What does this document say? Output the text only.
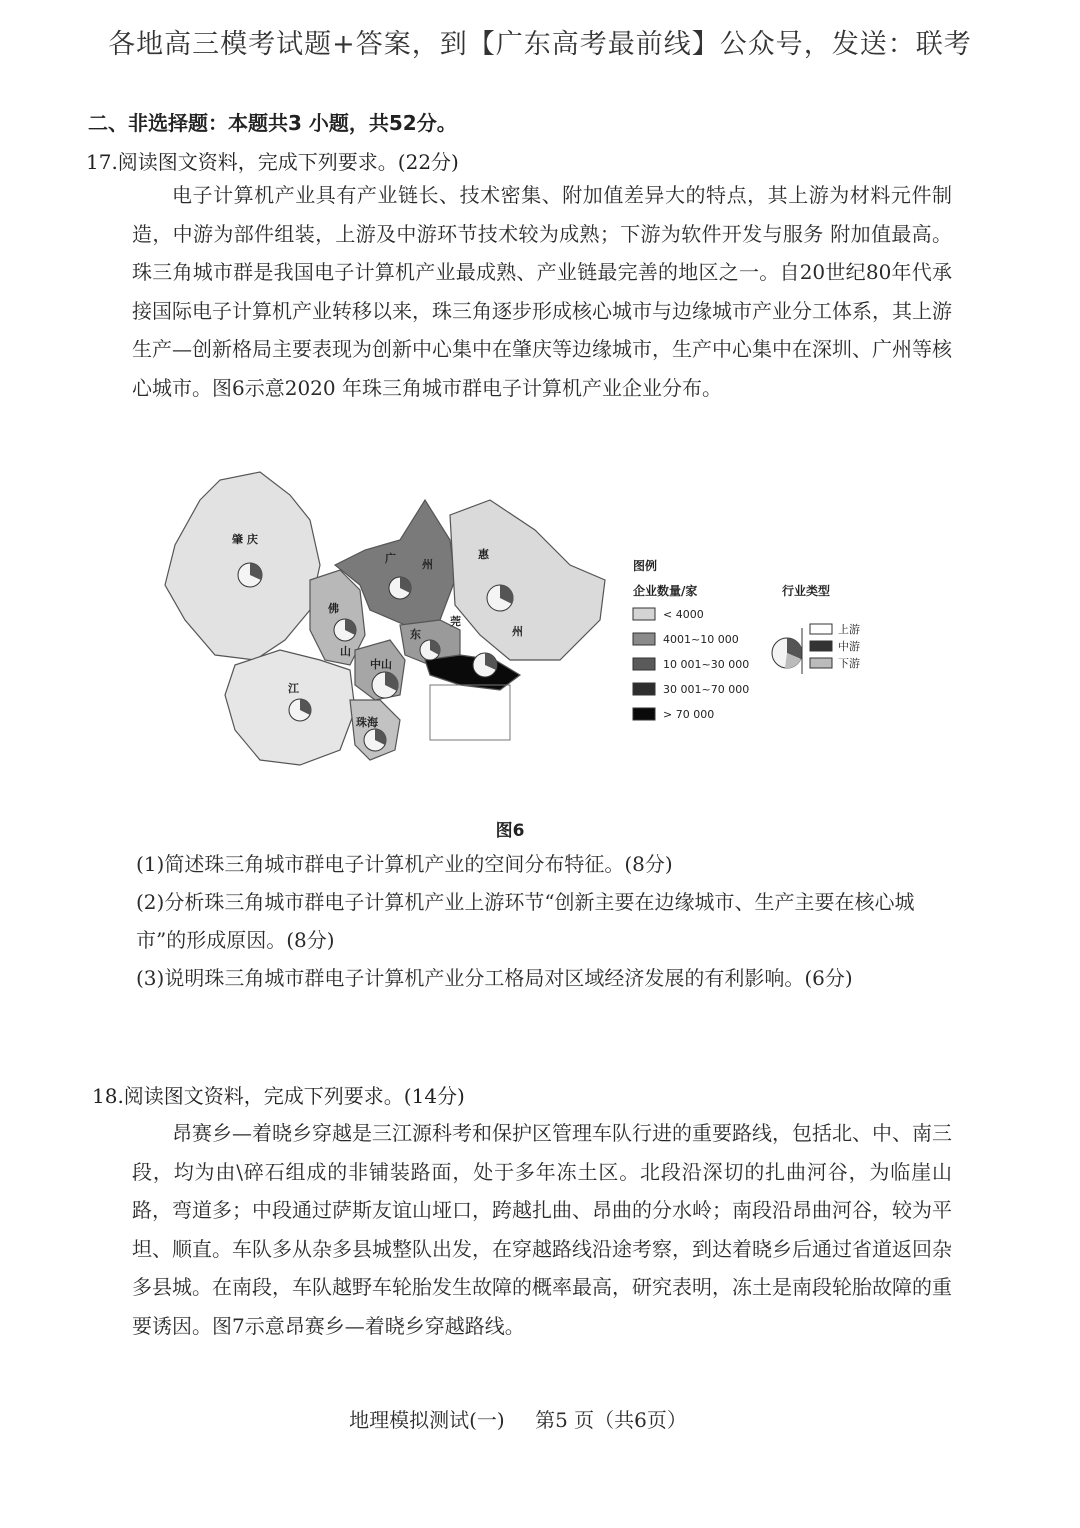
各地高三模考试题+答案，到【广东高考最前线】公众号，发送：联考
二、非选择题：本题共3 小题，共52分。
17.阅读图文资料，完成下列要求。(22分)
电子计算机产业具有产业链长、技术密集、附加值差异大的特点，其上游为材料元件制造，中游为部件组装，上游及中游环节技术较为成熟；下游为软件开发与服务 附加值最高。珠三角城市群是我国电子计算机产业最成熟、产业链最完善的地区之一。自20世纪80年代承接国际电子计算机产业转移以来，珠三角逐步形成核心城市与边缘城市产业分工体系，其上游生产—创新格局主要表现为创新中心集中在肇庆等边缘城市，生产中心集中在深圳、广州等核心城市。图6示意2020 年珠三角城市群电子计算机产业企业分布。
肇 庆
广 州
惠
州
佛
山
东
莞
中山
江
珠海
图例
企业数量/家
< 4000
4001~10 000
10 001~30 000
30 001~70 000
> 70 000
行业类型
上游
中游
下游
图6
(1)简述珠三角城市群电子计算机产业的空间分布特征。(8分)
(2)分析珠三角城市群电子计算机产业上游环节“创新主要在边缘城市、生产主要在核心城市”的形成原因。(8分)
(3)说明珠三角城市群电子计算机产业分工格局对区域经济发展的有利影响。(6分)
18.阅读图文资料，完成下列要求。(14分)
昂赛乡—着晓乡穿越是三江源科考和保护区管理车队行进的重要路线，包括北、中、南三段，均为由\碎石组成的非铺装路面，处于多年冻土区。北段沿深切的扎曲河谷，为临崖山路，弯道多；中段通过萨斯友谊山垭口，跨越扎曲、昂曲的分水岭；南段沿昂曲河谷，较为平坦、顺直。车队多从杂多县城整队出发，在穿越路线沿途考察，到达着晓乡后通过省道返回杂多县城。在南段，车队越野车轮胎发生故障的概率最高，研究表明，冻土是南段轮胎故障的重要诱因。图7示意昂赛乡—着晓乡穿越路线。
地理模拟测试(一) 第5 页（共6页）
